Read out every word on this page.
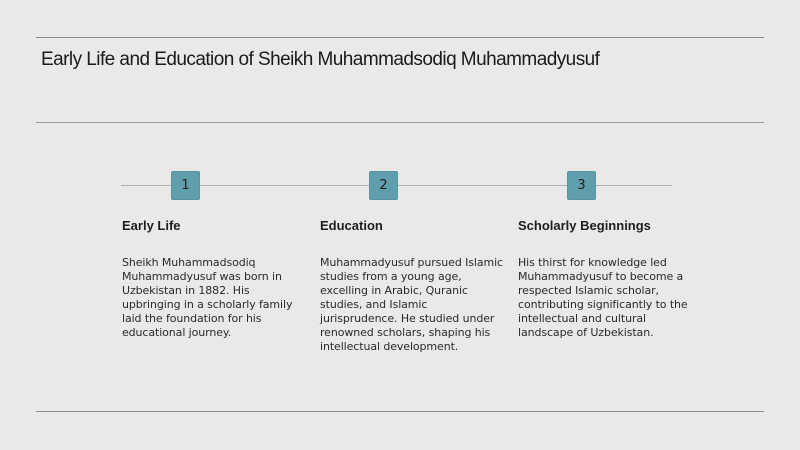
Early Life and Education of Sheikh Muhammadsodiq Muhammadyusuf
1	2	3
Early Life

Sheikh Muhammadsodiq Muhammadyusuf was born in Uzbekistan in 1882. His upbringing in a scholarly family laid the foundation for his educational journey.

Education

Muhammadyusuf pursued Islamic studies from a young age, excelling in Arabic, Quranic studies, and Islamic jurisprudence. He studied under renowned scholars, shaping his intellectual development.

Scholarly Beginnings

His thirst for knowledge led Muhammadyusuf to become a respected Islamic scholar, contributing significantly to the intellectual and cultural landscape of Uzbekistan.
